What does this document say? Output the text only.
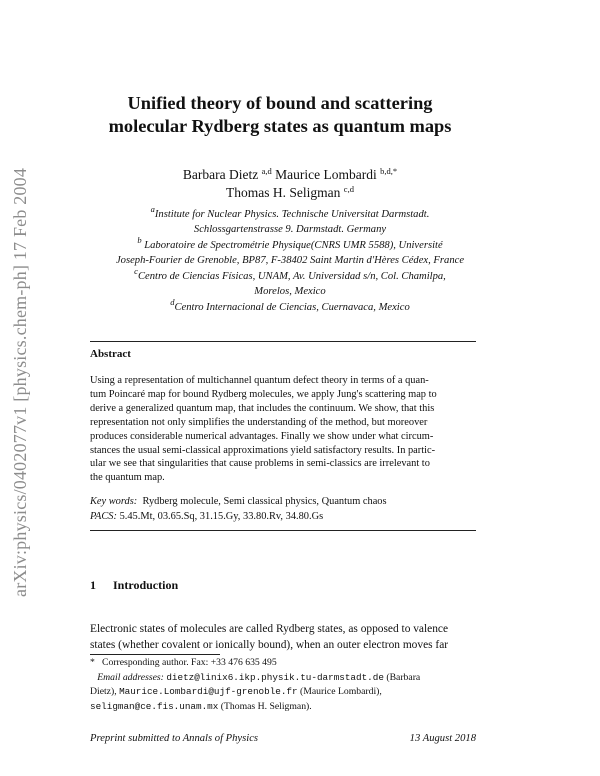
arXiv:physics/0402077v1 [physics.chem-ph] 17 Feb 2004
Unified theory of bound and scattering
molecular Rydberg states as quantum maps
Barbara Dietz $^{a,d}$ Maurice Lombardi $^{b,d,*}$
Thomas H. Seligman $^{c,d}$
$^a$Institute for Nuclear Physics. Technische Universitat Darmstadt.
Schlossgartenstrasse 9. Darmstadt. Germany
$^b$ Laboratoire de Spectrométrie Physique(CNRS UMR 5588), Université
Joseph-Fourier de Grenoble, BP87, F-38402 Saint Martin d'Hères Cédex, France
$^c$Centro de Ciencias Físicas, UNAM, Av. Universidad s/n, Col. Chamilpa,
Morelos, Mexico
$^d$Centro Internacional de Ciencias, Cuernavaca, Mexico
Abstract
Using a representation of multichannel quantum defect theory in terms of a quan-
tum Poincaré map for bound Rydberg molecules, we apply Jung's scattering map to
derive a generalized quantum map, that includes the continuum. We show, that this
representation not only simplifies the understanding of the method, but moreover
produces considerable numerical advantages. Finally we show under what circum-
stances the usual semi-classical approximations yield satisfactory results. In partic-
ular we see that singularities that cause problems in semi-classics are irrelevant to
the quantum map.
Key words: Rydberg molecule, Semi classical physics, Quantum chaos
PACS: 5.45.Mt, 03.65.Sq, 31.15.Gy, 33.80.Rv, 34.80.Gs
1 Introduction
Electronic states of molecules are called Rydberg states, as opposed to valence
states (whether covalent or ionically bound), when an outer electron moves far
* Corresponding author. Fax: +33 476 635 495
Email addresses: dietz@linix6.ikp.physik.tu-darmstadt.de (Barbara
Dietz), Maurice.Lombardi@ujf-grenoble.fr (Maurice Lombardi),
seligman@ce.fis.unam.mx (Thomas H. Seligman).
Preprint submitted to Annals of Physics	13 August 2018
